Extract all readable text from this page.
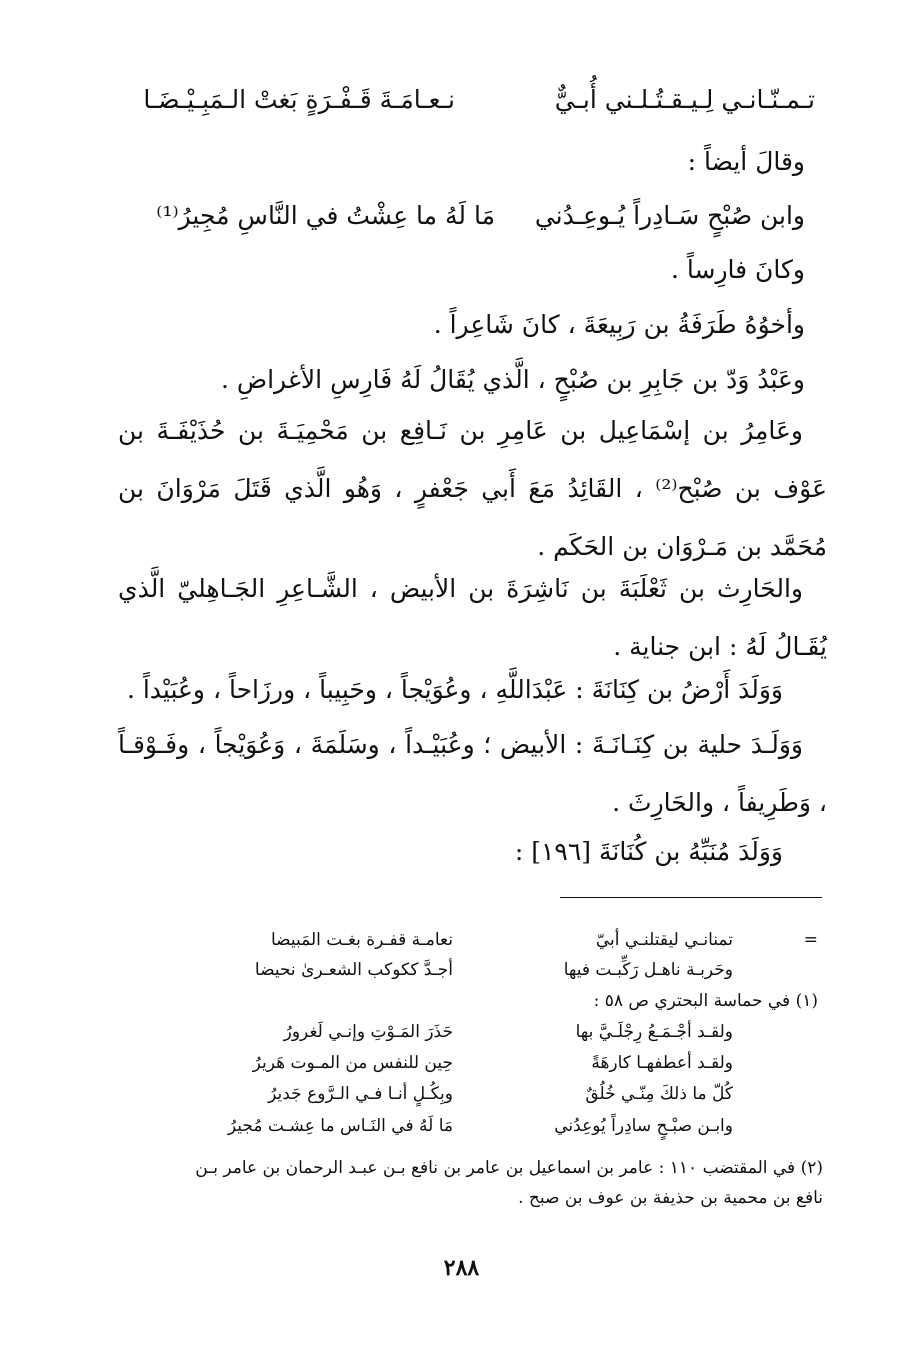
تـمـنّـانـي لِـيـقـتُـلـني أُبـيٌّ
نـعـامَـةَ قَـفْـرَةٍ بَغتْ الـمَبِـيْـضَـا
وقالَ أيضاً :
وابن صُبْحٍ سَـادِراً يُـوعِـدُني
مَا لَهُ ما عِشْتُ في النَّاسِ مُجِيرُ⁽¹⁾
وكانَ فارِساً .
وأخوُهُ طَرَفَةُ بن رَبِيعَةَ ، كانَ شَاعِراً .
وعَبْدُ وَدّ بن جَابِرِ بن صُبْحٍ ، الَّذي يُقَالُ لَهُ فَارِسِ الأغراضِ .
وعَامِرُ بن إسْمَاعِيل بن عَامِرِ بن نَـافِع بن مَحْمِيَـةَ بن حُذَيْفَـةَ بن عَوْف بن صُبْح⁽²⁾ ، القَائِدُ مَعَ أَبي جَعْفرٍ ، وَهُو الَّذي قَتَلَ مَرْوَانَ بن مُحَمَّد بن مَـرْوَان بن الحَكَم .
والحَارِث بن ثَعْلَبَةَ بن نَاشِرَةَ بن الأبيض ، الشَّـاعِرِ الجَـاهِليّ الَّذي يُقَـالُ لَهُ : ابن جناية .
وَوَلَدَ أَرْضُ بن كِنَانَةَ : عَبْدَاللَّهِ ، وعُوَيْجاً ، وحَبِيباً ، ورزَاحاً ، وعُبَيْداً .
وَوَلَـدَ حلية بن كِنَـانَـةَ : الأبيض ؛ وعُبَيْـداً ، وسَلَمَةَ ، وَعُوَيْجاً ، وفَـوْقـاً ، وَطَرِيفاً ، والحَارِثَ .
وَوَلَدَ مُنَبِّهُ بن كُنَانَةَ [١٩٦] :
=
تمنانـي ليقتلنـي أبيّ
نعامـة قفـرة بغـت المَبيضا
وحَربـة ناهـل رَكِّبـت فيها
أجـدَّ ككوكب الشعـرىٰ نحيضا
(١) في حماسة البحتري ص ٥٨ :
ولقـد أجْـمَـعُ رِجْلَـيَّ بها
حَذَرَ المَـوْتِ وإنـي لَغرورُ
ولقـد أعطفهـا كارهَةً
حِين للنفس من المـوت هَريرُ
كُلّ ما ذلكَ مِنّـي خُلُقٌ
وبِكُـلٍ أنـا فـي الـرَّوع جَديرُ
وابـن صبْـحٍ سادِراً يُوعِدُني
مَا لَهُ في النَـاس ما عِشـت مُجيرُ
(٢) في المقتضب ١١٠ : عامر بن اسماعيل بن عامر بن نافع بـن عبـد الرحمان بن عامر بـن
نافع بن محمية بن حذيفة بن عوف بن صبح .
٢٨٨
